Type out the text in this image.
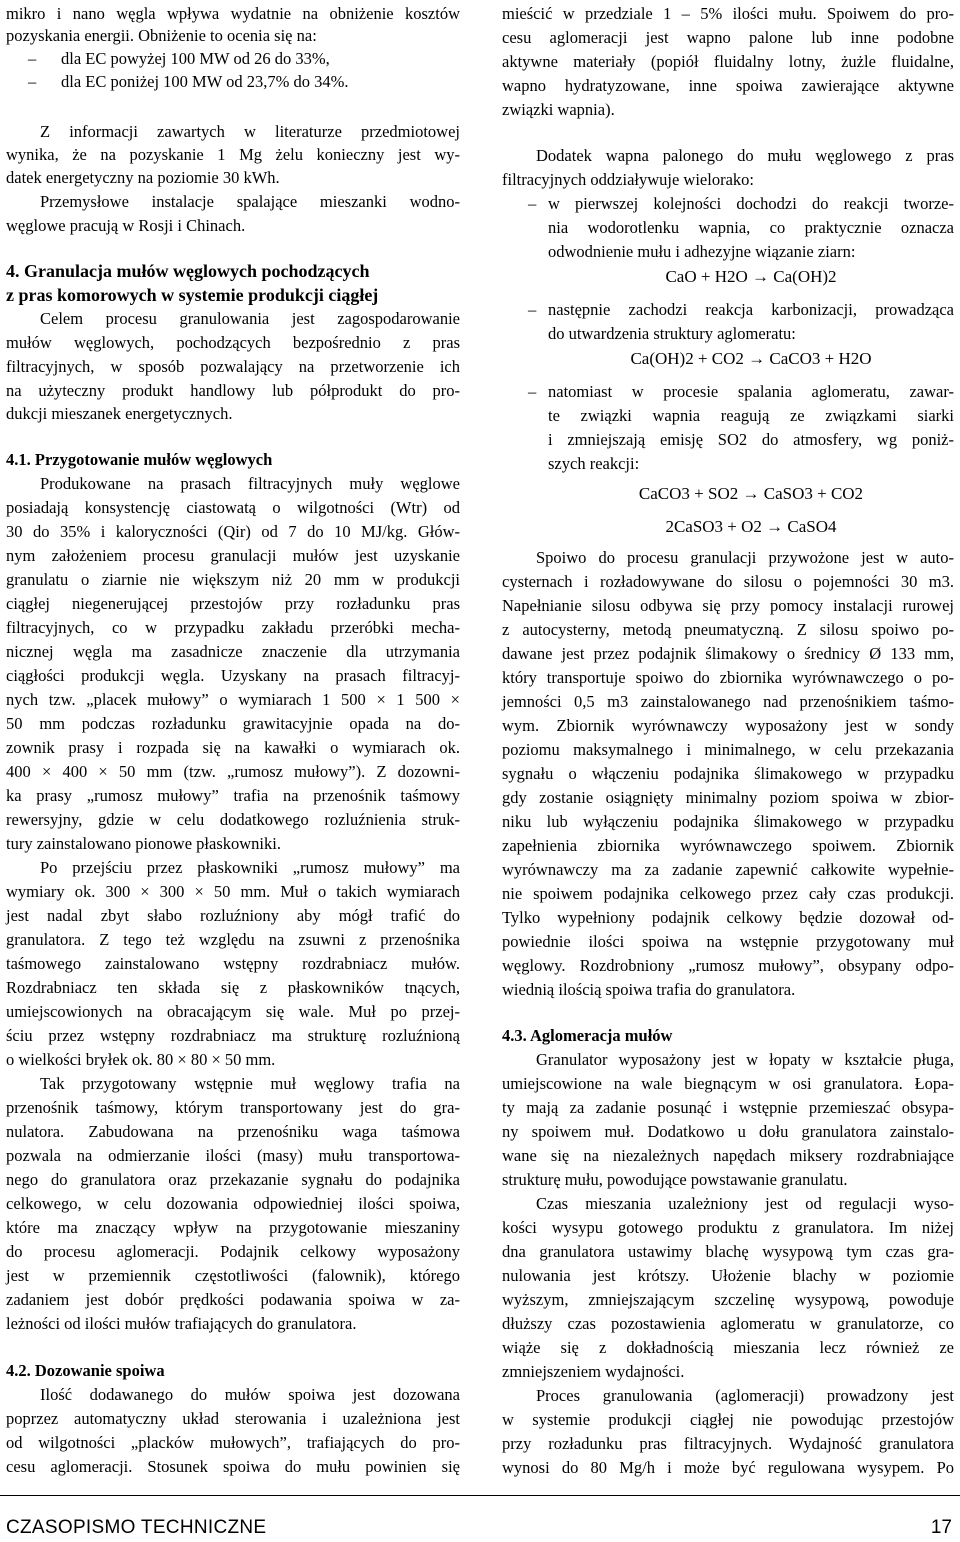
mikro i nano węgla wpływa wydatnie na obniżenie kosztów
pozyskania energii. Obniżenie to ocenia się na:
– dla EC powyżej 100 MW od 26 do 33%,
– dla EC poniżej 100 MW od 23,7% do 34%.
Z informacji zawartych w literaturze przedmiotowej
wynika, że na pozyskanie 1 Mg żelu konieczny jest wy-
datek energetyczny na poziomie 30 kWh.
Przemysłowe instalacje spalające mieszanki wodno-
węglowe pracują w Rosji i Chinach.
4. Granulacja mułów węglowych pochodzących
z pras komorowych w systemie produkcji ciągłej
Celem procesu granulowania jest zagospodarowanie
mułów węglowych, pochodzących bezpośrednio z pras
filtracyjnych, w sposób pozwalający na przetworzenie ich
na użyteczny produkt handlowy lub półprodukt do pro-
dukcji mieszanek energetycznych.
4.1. Przygotowanie mułów węglowych
Produkowane na prasach filtracyjnych muły węglowe
posiadają konsystencję ciastowatą o wilgotności (Wtr) od
30 do 35% i kaloryczności (Qir) od 7 do 10 MJ/kg. Głów-
nym założeniem procesu granulacji mułów jest uzyskanie
granulatu o ziarnie nie większym niż 20 mm w produkcji
ciągłej niegenerującej przestojów przy rozładunku pras
filtracyjnych, co w przypadku zakładu przeróbki mecha-
nicznej węgla ma zasadnicze znaczenie dla utrzymania
ciągłości produkcji węgla. Uzyskany na prasach filtracyj-
nych tzw. „placek mułowy” o wymiarach 1 500 × 1 500 ×
50 mm podczas rozładunku grawitacyjnie opada na do-
zownik prasy i rozpada się na kawałki o wymiarach ok.
400 × 400 × 50 mm (tzw. „rumosz mułowy”). Z dozowni-
ka prasy „rumosz mułowy” trafia na przenośnik taśmowy
rewersyjny, gdzie w celu dodatkowego rozluźnienia struk-
tury zainstalowano pionowe płaskowniki.
Po przejściu przez płaskowniki „rumosz mułowy” ma
wymiary ok. 300 × 300 × 50 mm. Muł o takich wymiarach
jest nadal zbyt słabo rozluźniony aby mógł trafić do
granulatora. Z tego też względu na zsuwni z przenośnika
taśmowego zainstalowano wstępny rozdrabniacz mułów.
Rozdrabniacz ten składa się z płaskowników tnących,
umiejscowionych na obracającym się wale. Muł po przej-
ściu przez wstępny rozdrabniacz ma strukturę rozluźnioną
o wielkości bryłek ok. 80 × 80 × 50 mm.
Tak przygotowany wstępnie muł węglowy trafia na
przenośnik taśmowy, którym transportowany jest do gra-
nulatora. Zabudowana na przenośniku waga taśmowa
pozwala na odmierzanie ilości (masy) mułu transportowa-
nego do granulatora oraz przekazanie sygnału do podajnika
celkowego, w celu dozowania odpowiedniej ilości spoiwa,
które ma znaczący wpływ na przygotowanie mieszaniny
do procesu aglomeracji. Podajnik celkowy wyposażony
jest w przemiennik częstotliwości (falownik), którego
zadaniem jest dobór prędkości podawania spoiwa w za-
leżności od ilości mułów trafiających do granulatora.
4.2. Dozowanie spoiwa
Ilość dodawanego do mułów spoiwa jest dozowana
poprzez automatyczny układ sterowania i uzależniona jest
od wilgotności „placków mułowych”, trafiających do pro-
cesu aglomeracji. Stosunek spoiwa do mułu powinien się
mieścić w przedziale 1 – 5% ilości mułu. Spoiwem do pro-
cesu aglomeracji jest wapno palone lub inne podobne
aktywne materiały (popiół fluidalny lotny, żużle fluidalne,
wapno hydratyzowane, inne spoiwa zawierające aktywne
związki wapnia).
Dodatek wapna palonego do mułu węglowego z pras
filtracyjnych oddziaływuje wielorako:
– w pierwszej kolejności dochodzi do reakcji tworze-
nia wodorotlenku wapnia, co praktycznie oznacza
odwodnienie mułu i adhezyjne wiązanie ziarn:
– następnie zachodzi reakcja karbonizacji, prowadząca
do utwardzenia struktury aglomeratu:
– natomiast w procesie spalania aglomeratu, zawar-
te związki wapnia reagują ze związkami siarki
i zmniejszają emisję SO2 do atmosfery, wg poniż-
szych reakcji:
Spoiwo do procesu granulacji przywożone jest w auto-
cysternach i rozładowywane do silosu o pojemności 30 m3.
Napełnianie silosu odbywa się przy pomocy instalacji rurowej
z autocysterny, metodą pneumatyczną. Z silosu spoiwo po-
dawane jest przez podajnik ślimakowy o średnicy Ø 133 mm,
który transportuje spoiwo do zbiornika wyrównawczego o po-
jemności 0,5 m3 zainstalowanego nad przenośnikiem taśmo-
wym. Zbiornik wyrównawczy wyposażony jest w sondy
poziomu maksymalnego i minimalnego, w celu przekazania
sygnału o włączeniu podajnika ślimakowego w przypadku
gdy zostanie osiągnięty minimalny poziom spoiwa w zbior-
niku lub wyłączeniu podajnika ślimakowego w przypadku
zapełnienia zbiornika wyrównawczego spoiwem. Zbiornik
wyrównawczy ma za zadanie zapewnić całkowite wypełnie-
nie spoiwem podajnika celkowego przez cały czas produkcji.
Tylko wypełniony podajnik celkowy będzie dozował od-
powiednie ilości spoiwa na wstępnie przygotowany muł
węglowy. Rozdrobniony „rumosz mułowy”, obsypany odpo-
wiednią ilością spoiwa trafia do granulatora.
4.3. Aglomeracja mułów
Granulator wyposażony jest w łopaty w kształcie pługa,
umiejscowione na wale biegnącym w osi granulatora. Łopa-
ty mają za zadanie posunąć i wstępnie przemieszać obsypa-
ny spoiwem muł. Dodatkowo u dołu granulatora zainstalo-
wane się na niezależnych napędach miksery rozdrabniające
strukturę mułu, powodujące powstawanie granulatu.
Czas mieszania uzależniony jest od regulacji wyso-
kości wysypu gotowego produktu z granulatora. Im niżej
dna granulatora ustawimy blachę wysypową tym czas gra-
nulowania jest krótszy. Ułożenie blachy w poziomie
wyższym, zmniejszającym szczelinę wysypową, powoduje
dłuższy czas pozostawienia aglomeratu w granulatorze, co
wiąże się z dokładnością mieszania lecz również ze
zmniejszeniem wydajności.
Proces granulowania (aglomeracji) prowadzony jest
w systemie produkcji ciągłej nie powodując przestojów
przy rozładunku pras filtracyjnych. Wydajność granulatora
wynosi do 80 Mg/h i może być regulowana wysypem. Po
CaO + H2O → Ca(OH)2
Ca(OH)2 + CO2 → CaCO3 + H2O
CaCO3 + SO2 → CaSO3 + CO2
2CaSO3 + O2 → CaSO4
CZASOPISMO TECHNICZNE	17
